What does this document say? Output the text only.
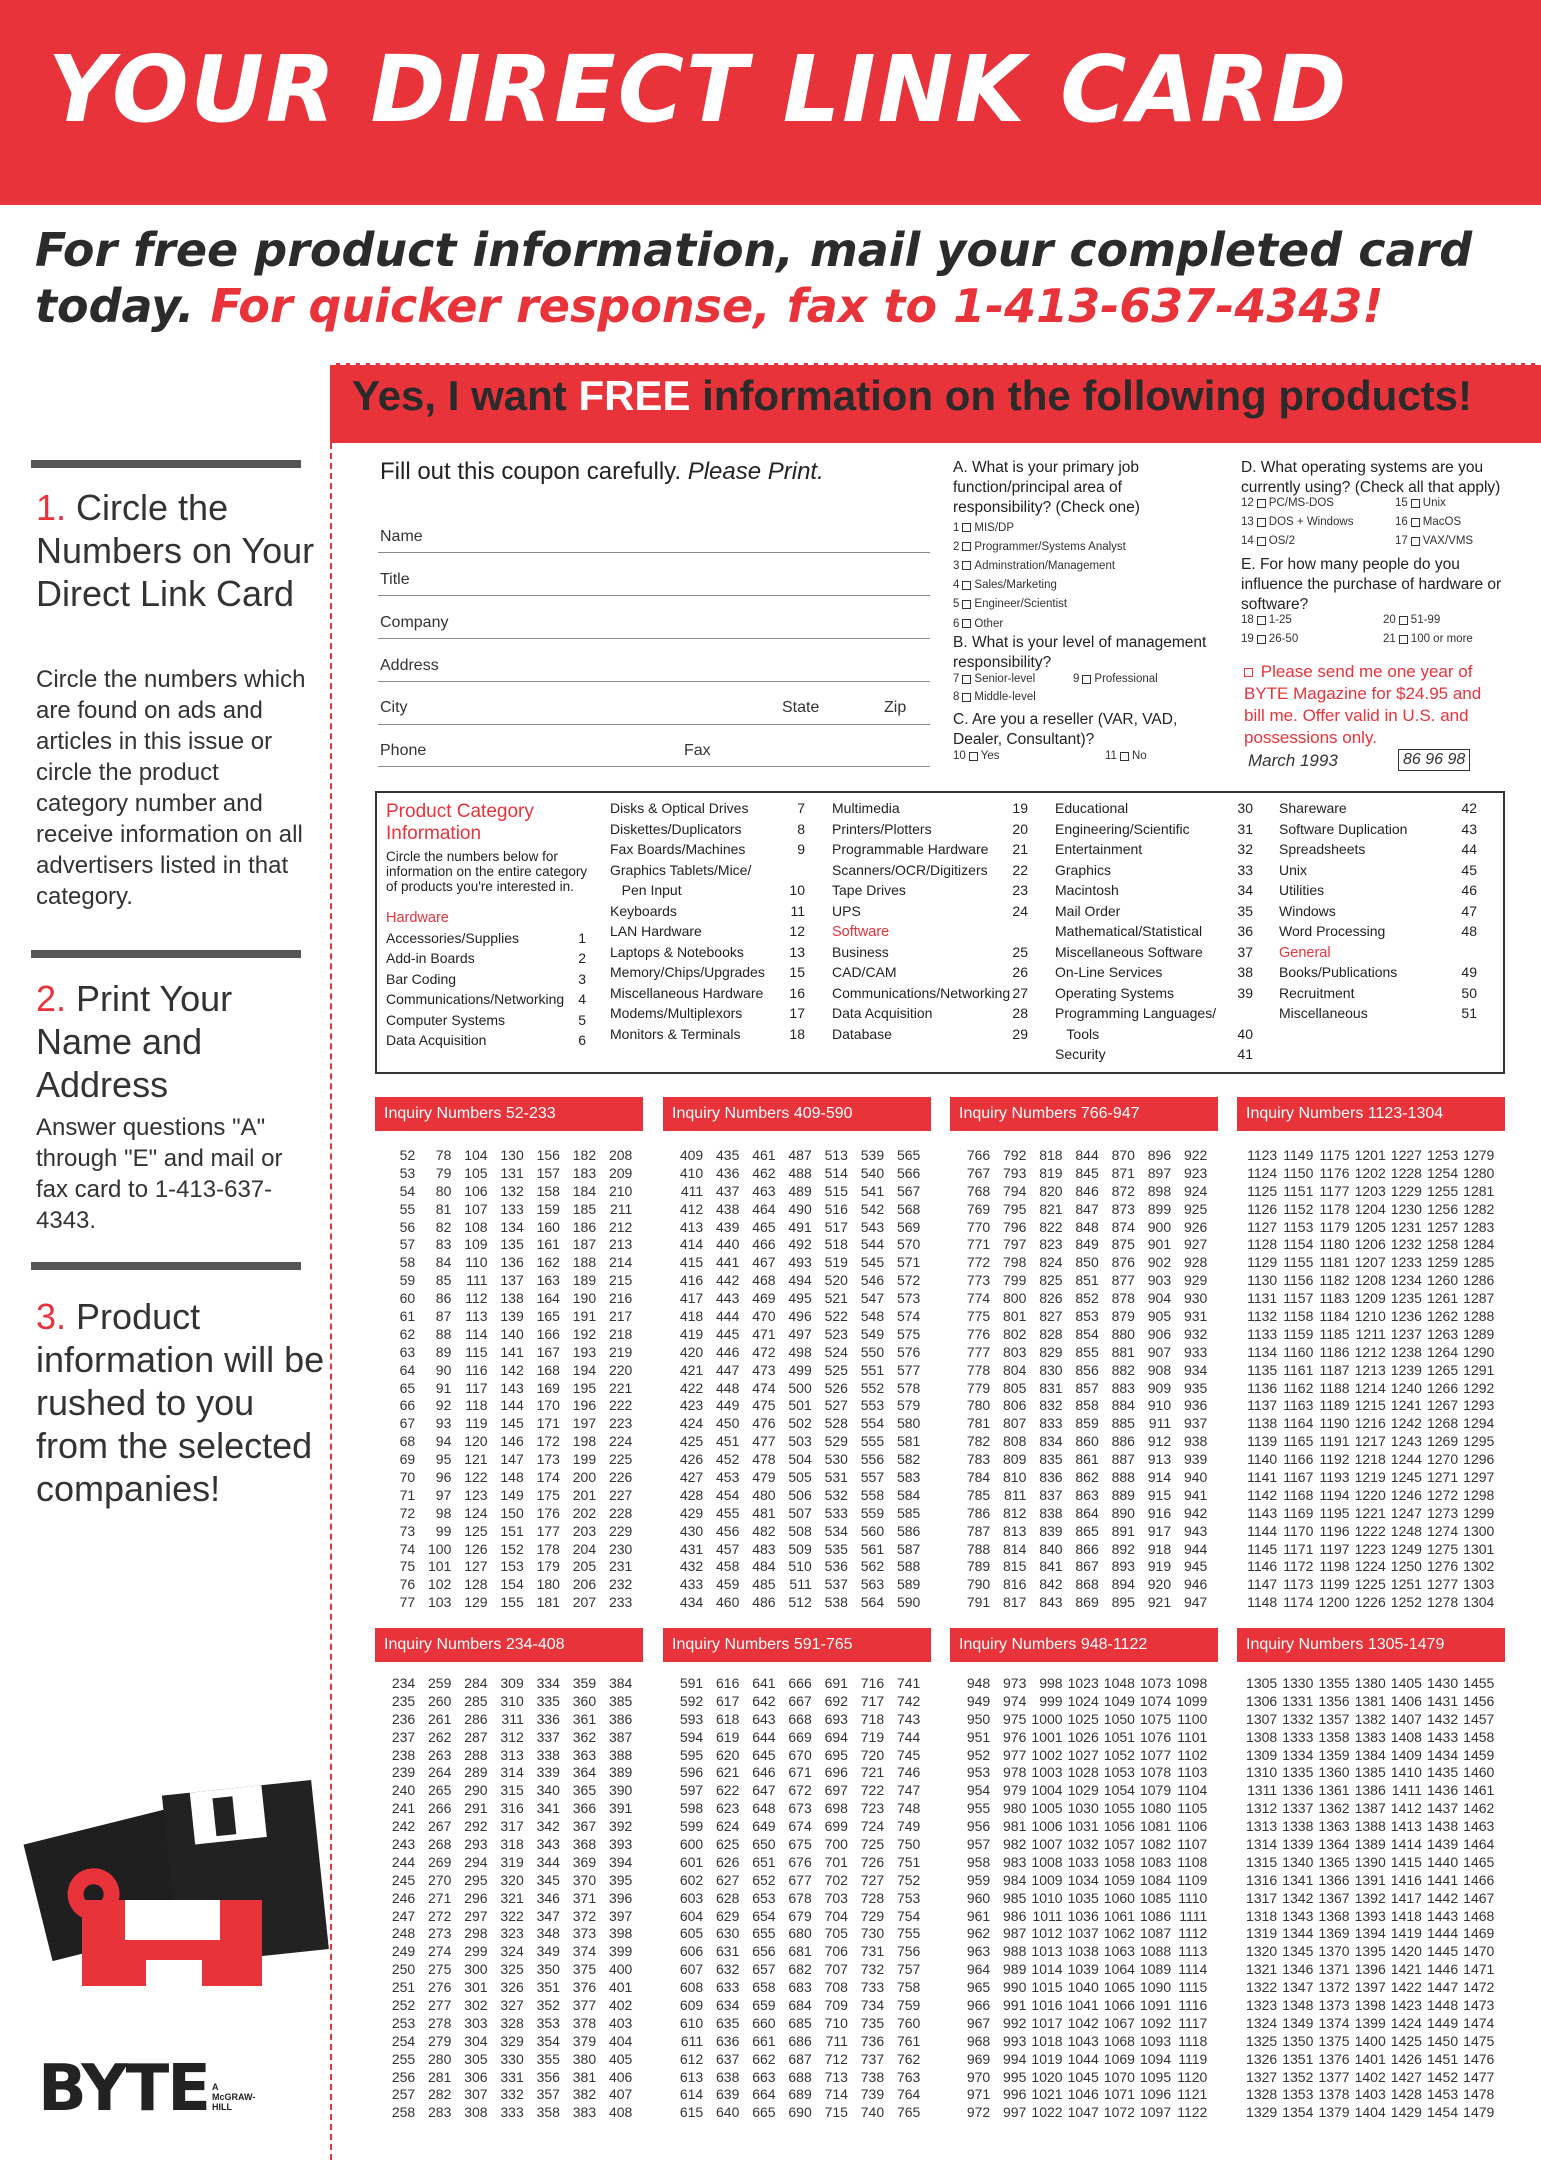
YOUR DIRECT LINK CARD
For free product information, mail your completed card
today. For quicker response, fax to 1-413-637-4343!
Yes, I want FREE information on the following products!
1. Circle the Numbers on Your Direct Link Card
Circle the numbers which are found on ads and articles in this issue or circle the product category number and receive information on all advertisers listed in that category.
2. Print Your Name and Address
Answer questions "A" through "E" and mail or fax card to 1-413-637-4343.
3. Product information will be rushed to you from the selected companies!
Fill out this coupon carefully. Please Print.
Name
Title
Company
Address
City	State	Zip
Phone	Fax
A. What is your primary job function/principal area of responsibility? (Check one)
1 MIS/DP
2 Programmer/Systems Analyst
3 Adminstration/Management
4 Sales/Marketing
5 Engineer/Scientist
6 Other
B. What is your level of management responsibility?
7 Senior-level	9 Professional
8 Middle-level
C. Are you a reseller (VAR, VAD, Dealer, Consultant)?
10 Yes	11 No
D. What operating systems are you currently using? (Check all that apply)
12 PC/MS-DOS	15 Unix
13 DOS + Windows	16 MacOS
14 OS/2	17 VAX/VMS
E. For how many people do you influence the purchase of hardware or software?
18 1-25	20 51-99
19 26-50	21 100 or more
Please send me one year of BYTE Magazine for $24.95 and bill me. Offer valid in U.S. and possessions only.
March 1993	86 96 98
Product Category Information
Circle the numbers below for information on the entire category of products you're interested in.
Hardware
Accessories/Supplies	1
Add-in Boards	2
Bar Coding	3
Communications/Networking 4
Computer Systems	5
Data Acquisition	6
Disks & Optical Drives	7
Diskettes/Duplicators	8
Fax Boards/Machines	9
Graphics Tablets/Mice/
Pen Input	10
Keyboards	11
LAN Hardware	12
Laptops & Notebooks	13
Memory/Chips/Upgrades 15
Miscellaneous Hardware 16
Modems/Multiplexors	17
Monitors & Terminals	18
Multimedia	19
Printers/Plotters	20
Programmable Hardware 21
Scanners/OCR/Digitizers 22
Tape Drives	23
UPS	24
Software
Business	25
CAD/CAM	26
Communications/Networking 27
Data Acquisition	28
Database	29
Educational	30
Engineering/Scientific	31
Entertainment	32
Graphics	33
Macintosh	34
Mail Order	35
Mathematical/Statistical	36
Miscellaneous Software 37
On-Line Services	38
Operating Systems	39
Programming Languages/
Tools	40
Security	41
Shareware	42
Software Duplication	43
Spreadsheets	44
Unix	45
Utilities	46
Windows	47
Word Processing	48
General
Books/Publications	49
Recruitment	50
Miscellaneous	51
Inquiry Numbers 52-233
52	78 104 130 156 182 208
53	79 105 131 157 183 209
54	80 106 132 158 184 210
55	81 107 133 159 185 211
56	82 108 134 160 186 212
57	83 109 135 161 187 213
58	84 110 136 162 188 214
59	85	111 137 163 189 215
60	86 112 138 164 190 216
61	87 113 139 165 191 217
62	88 114 140 166 192 218
63	89 115 141 167 193 219
64	90 116 142 168 194 220
65	91 117 143 169 195 221
66	92 118 144 170 196 222
67	93 119 145 171 197 223
68	94 120 146 172 198 224
69	95 121 147 173 199 225
70	96 122 148 174 200 226
71	97 123 149 175 201 227
72	98 124 150 176 202 228
73	99 125 151 177 203 229
74 100 126 152 178 204 230
75 101 127 153 179 205 231
76 102 128 154 180 206 232
77 103 129 155 181 207 233
Inquiry Numbers 409-590
409 435 461 487 513 539 565
410 436 462 488 514 540 566
411 437 463 489 515 541 567
412 438 464 490 516 542 568
413 439 465 491 517 543 569
414 440 466 492 518 544 570
415 441 467 493 519 545 571
416 442 468 494 520 546 572
417 443 469 495 521 547 573
418 444 470 496 522 548 574
419 445 471 497 523 549 575
420 446 472 498 524 550 576
421 447 473 499 525 551 577
422 448 474 500 526 552 578
423 449 475 501 527 553 579
424 450 476 502 528 554 580
425 451 477 503 529 555 581
426 452 478 504 530 556 582
427 453 479 505 531 557 583
428 454 480 506 532 558 584
429 455 481 507 533 559 585
430 456 482 508 534 560 586
431 457 483 509 535 561 587
432 458 484 510 536 562 588
433 459 485 511 537 563 589
434 460 486 512 538 564 590
Inquiry Numbers 766-947
766 792 818 844 870 896 922
767 793 819 845 871 897 923
768 794 820 846 872 898 924
769 795 821 847 873 899 925
770 796 822 848 874 900 926
771 797 823 849 875 901 927
772 798 824 850 876 902 928
773 799 825 851 877 903 929
774 800 826 852 878 904 930
775 801 827 853 879 905 931
776 802 828 854 880 906 932
777 803 829 855 881 907 933
778 804 830 856 882 908 934
779 805 831 857 883 909 935
780 806 832 858 884 910 936
781 807 833 859 885 911 937
782 808 834 860 886 912 938
783 809 835 861 887 913 939
784 810 836 862 888 914 940
785 811 837 863 889 915 941
786 812 838 864 890 916 942
787 813 839 865 891 917 943
788 814 840 866 892 918 944
789 815 841 867 893 919 945
790 816 842 868 894 920 946
791 817 843 869 895 921 947
Inquiry Numbers 1123-1304
1123 1149 1175 1201 1227 1253 1279
1124 1150 1176 1202 1228 1254 1280
1125 1151 1177 1203 1229 1255 1281
1126 1152 1178 1204 1230 1256 1282
1127 1153 1179 1205 1231 1257 1283
1128 1154 1180 1206 1232 1258 1284
1129 1155 1181 1207 1233 1259 1285
1130 1156 1182 1208 1234 1260 1286
1131 1157 1183 1209 1235 1261 1287
1132 1158 1184 1210 1236 1262 1288
1133 1159 1185 1211 1237 1263 1289
1134 1160 1186 1212 1238 1264 1290
1135 1161 1187 1213 1239 1265 1291
1136 1162 1188 1214 1240 1266 1292
1137 1163 1189 1215 1241 1267 1293
1138 1164 1190 1216 1242 1268 1294
1139 1165 1191 1217 1243 1269 1295
1140 1166 1192 1218 1244 1270 1296
1141 1167 1193 1219 1245 1271 1297
1142 1168 1194 1220 1246 1272 1298
1143 1169 1195 1221 1247 1273 1299
1144 1170 1196 1222 1248 1274 1300
1145 1171 1197 1223 1249 1275 1301
1146 1172 1198 1224 1250 1276 1302
1147 1173 1199 1225 1251 1277 1303
1148 1174 1200 1226 1252 1278 1304
Inquiry Numbers 234-408
234 259 284 309 334 359 384
235 260 285 310 335 360 385
236 261 286 311 336 361 386
237 262 287 312 337 362 387
238 263 288 313 338 363 388
239 264 289 314 339 364 389
240 265 290 315 340 365 390
241 266 291 316 341 366 391
242 267 292 317 342 367 392
243 268 293 318 343 368 393
244 269 294 319 344 369 394
245 270 295 320 345 370 395
246 271 296 321 346 371 396
247 272 297 322 347 372 397
248 273 298 323 348 373 398
249 274 299 324 349 374 399
250 275 300 325 350 375 400
251 276 301 326 351 376 401
252 277 302 327 352 377 402
253 278 303 328 353 378 403
254 279 304 329 354 379 404
255 280 305 330 355 380 405
256 281 306 331 356 381 406
257 282 307 332 357 382 407
258 283 308 333 358 383 408
Inquiry Numbers 591-765
591 616 641 666 691 716 741
592 617 642 667 692 717 742
593 618 643 668 693 718 743
594 619 644 669 694 719 744
595 620 645 670 695 720 745
596 621 646 671 696 721 746
597 622 647 672 697 722 747
598 623 648 673 698 723 748
599 624 649 674 699 724 749
600 625 650 675 700 725 750
601 626 651 676 701 726 751
602 627 652 677 702 727 752
603 628 653 678 703 728 753
604 629 654 679 704 729 754
605 630 655 680 705 730 755
606 631 656 681 706 731 756
607 632 657 682 707 732 757
608 633 658 683 708 733 758
609 634 659 684 709 734 759
610 635 660 685 710 735 760
611 636 661 686 711 736 761
612 637 662 687 712 737 762
613 638 663 688 713 738 763
614 639 664 689 714 739 764
615 640 665 690 715 740 765
Inquiry Numbers 948-1122
948 973 998 1023 1048 1073 1098
949 974 999 1024 1049 1074 1099
950 975 1000 1025 1050 1075 1100
951 976 1001 1026 1051 1076 1101
952 977 1002 1027 1052 1077 1102
953 978 1003 1028 1053 1078 1103
954 979 1004 1029 1054 1079 1104
955 980 1005 1030 1055 1080 1105
956 981 1006 1031 1056 1081 1106
957 982 1007 1032 1057 1082 1107
958 983 1008 1033 1058 1083 1108
959 984 1009 1034 1059 1084 1109
960 985 1010 1035 1060 1085 1110
961 986 1011 1036 1061 1086 1111
962 987 1012 1037 1062 1087 1112
963 988 1013 1038 1063 1088 1113
964 989 1014 1039 1064 1089 1114
965 990 1015 1040 1065 1090 1115
966 991 1016 1041 1066 1091 1116
967 992 1017 1042 1067 1092 1117
968 993 1018 1043 1068 1093 1118
969 994 1019 1044 1069 1094 1119
970 995 1020 1045 1070 1095 1120
971 996 1021 1046 1071 1096 1121
972 997 1022 1047 1072 1097 1122
Inquiry Numbers 1305-1479
1305 1330 1355 1380 1405 1430 1455
1306 1331 1356 1381 1406 1431 1456
1307 1332 1357 1382 1407 1432 1457
1308 1333 1358 1383 1408 1433 1458
1309 1334 1359 1384 1409 1434 1459
1310 1335 1360 1385 1410 1435 1460
1311 1336 1361 1386 1411 1436 1461
1312 1337 1362 1387 1412 1437 1462
1313 1338 1363 1388 1413 1438 1463
1314 1339 1364 1389 1414 1439 1464
1315 1340 1365 1390 1415 1440 1465
1316 1341 1366 1391 1416 1441 1466
1317 1342 1367 1392 1417 1442 1467
1318 1343 1368 1393 1418 1443 1468
1319 1344 1369 1394 1419 1444 1469
1320 1345 1370 1395 1420 1445 1470
1321 1346 1371 1396 1421 1446 1471
1322 1347 1372 1397 1422 1447 1472
1323 1348 1373 1398 1423 1448 1473
1324 1349 1374 1399 1424 1449 1474
1325 1350 1375 1400 1425 1450 1475
1326 1351 1376 1401 1426 1451 1476
1327 1352 1377 1402 1427 1452 1477
1328 1353 1378 1403 1428 1453 1478
1329 1354 1379 1404 1429 1454 1479
BYTE A McGRAW-HILL
